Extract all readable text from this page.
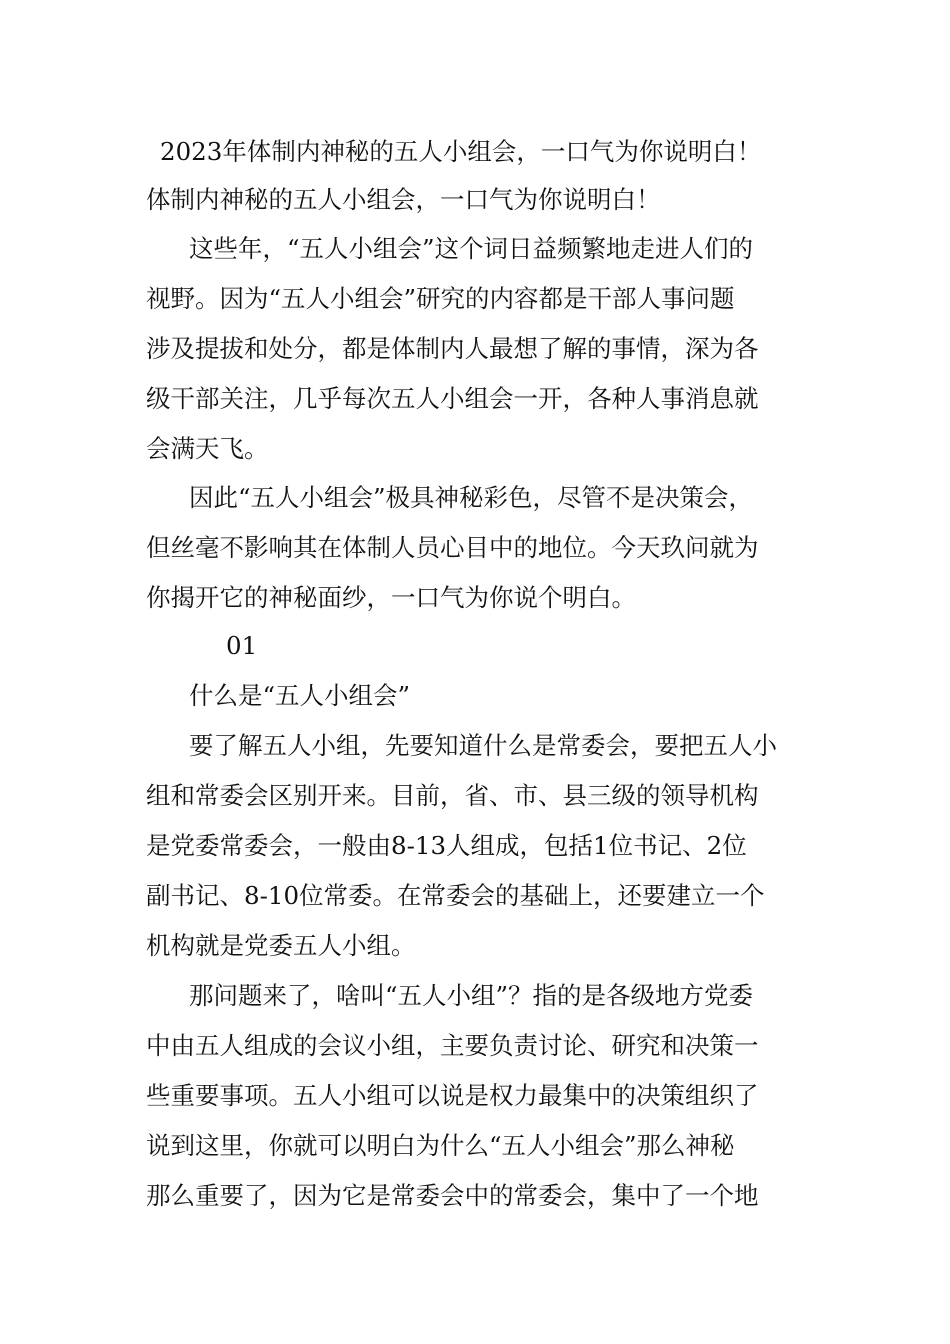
2023年体制内神秘的五人小组会，一口气为你说明白！

体制内神秘的五人小组会，一口气为你说明白！

这些年，“五人小组会”这个词日益频繁地走进人们的

视野。因为“五人小组会”研究的内容都是干部人事问题

涉及提拔和处分，都是体制内人最想了解的事情，深为各

级干部关注，几乎每次五人小组会一开，各种人事消息就

会满天飞。

因此“五人小组会”极具神秘彩色，尽管不是决策会，

但丝毫不影响其在体制人员心目中的地位。今天玖问就为

你揭开它的神秘面纱，一口气为你说个明白。

01

什么是“五人小组会”

要了解五人小组，先要知道什么是常委会，要把五人小

组和常委会区别开来。目前，省、市、县三级的领导机构

是党委常委会，一般由8-13人组成，包括1位书记、2位

副书记、8-10位常委。在常委会的基础上，还要建立一个

机构就是党委五人小组。

那问题来了，啥叫“五人小组”？指的是各级地方党委

中由五人组成的会议小组，主要负责讨论、研究和决策一

些重要事项。五人小组可以说是权力最集中的决策组织了

说到这里，你就可以明白为什么“五人小组会”那么神秘

那么重要了，因为它是常委会中的常委会，集中了一个地
